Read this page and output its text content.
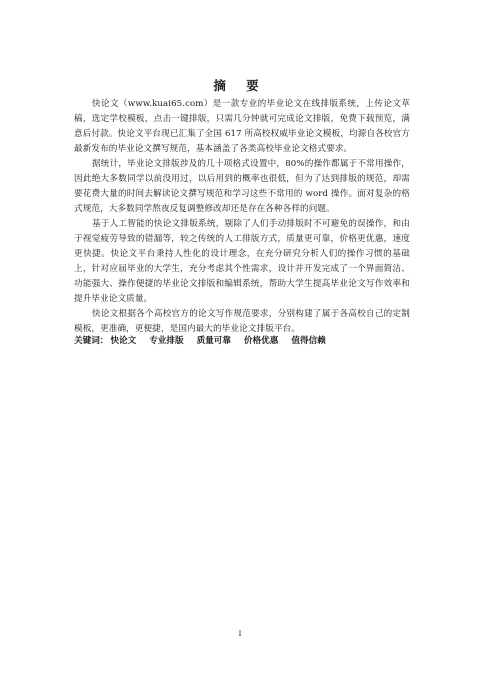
摘 要

快论文（www.kuai65.com）是一款专业的毕业论文在线排版系统，上传论文草稿，选定学校模板，点击一键排版，只需几分钟就可完成论文排版，免费下载预览，满意后付款。快论文平台现已汇集了全国 617 所高校权威毕业论文模板，均源自各校官方最新发布的毕业论文撰写规范，基本涵盖了各类高校毕业论文格式要求。

据统计，毕业论文排版涉及的几十项格式设置中，80%的操作都属于不常用操作，因此绝大多数同学以前没用过，以后用到的概率也很低，但为了达到排版的规范，却需要花费大量的时间去解读论文撰写规范和学习这些不常用的 word 操作。面对复杂的格式规范，大多数同学熬夜反复调整修改却还是存在各种各样的问题。

基于人工智能的快论文排版系统，剔除了人们手动排版时不可避免的误操作，和由于视觉疲劳导致的错漏等，较之传统的人工排版方式，质量更可靠，价格更优惠，速度更快捷。快论文平台秉持人性化的设计理念，在充分研究分析人们的操作习惯的基础上，针对应届毕业的大学生，充分考虑其个性需求，设计并开发完成了一个界面简洁、功能强大、操作便捷的毕业论文排版和编辑系统，帮助大学生提高毕业论文写作效率和提升毕业论文质量。

快论文根据各个高校官方的论文写作规范要求，分别构建了属于各高校自己的定制模板，更准确，更便捷，是国内最大的毕业论文排版平台。

关键词： 快论文 专业排版 质量可靠 价格优惠 值得信赖
I
